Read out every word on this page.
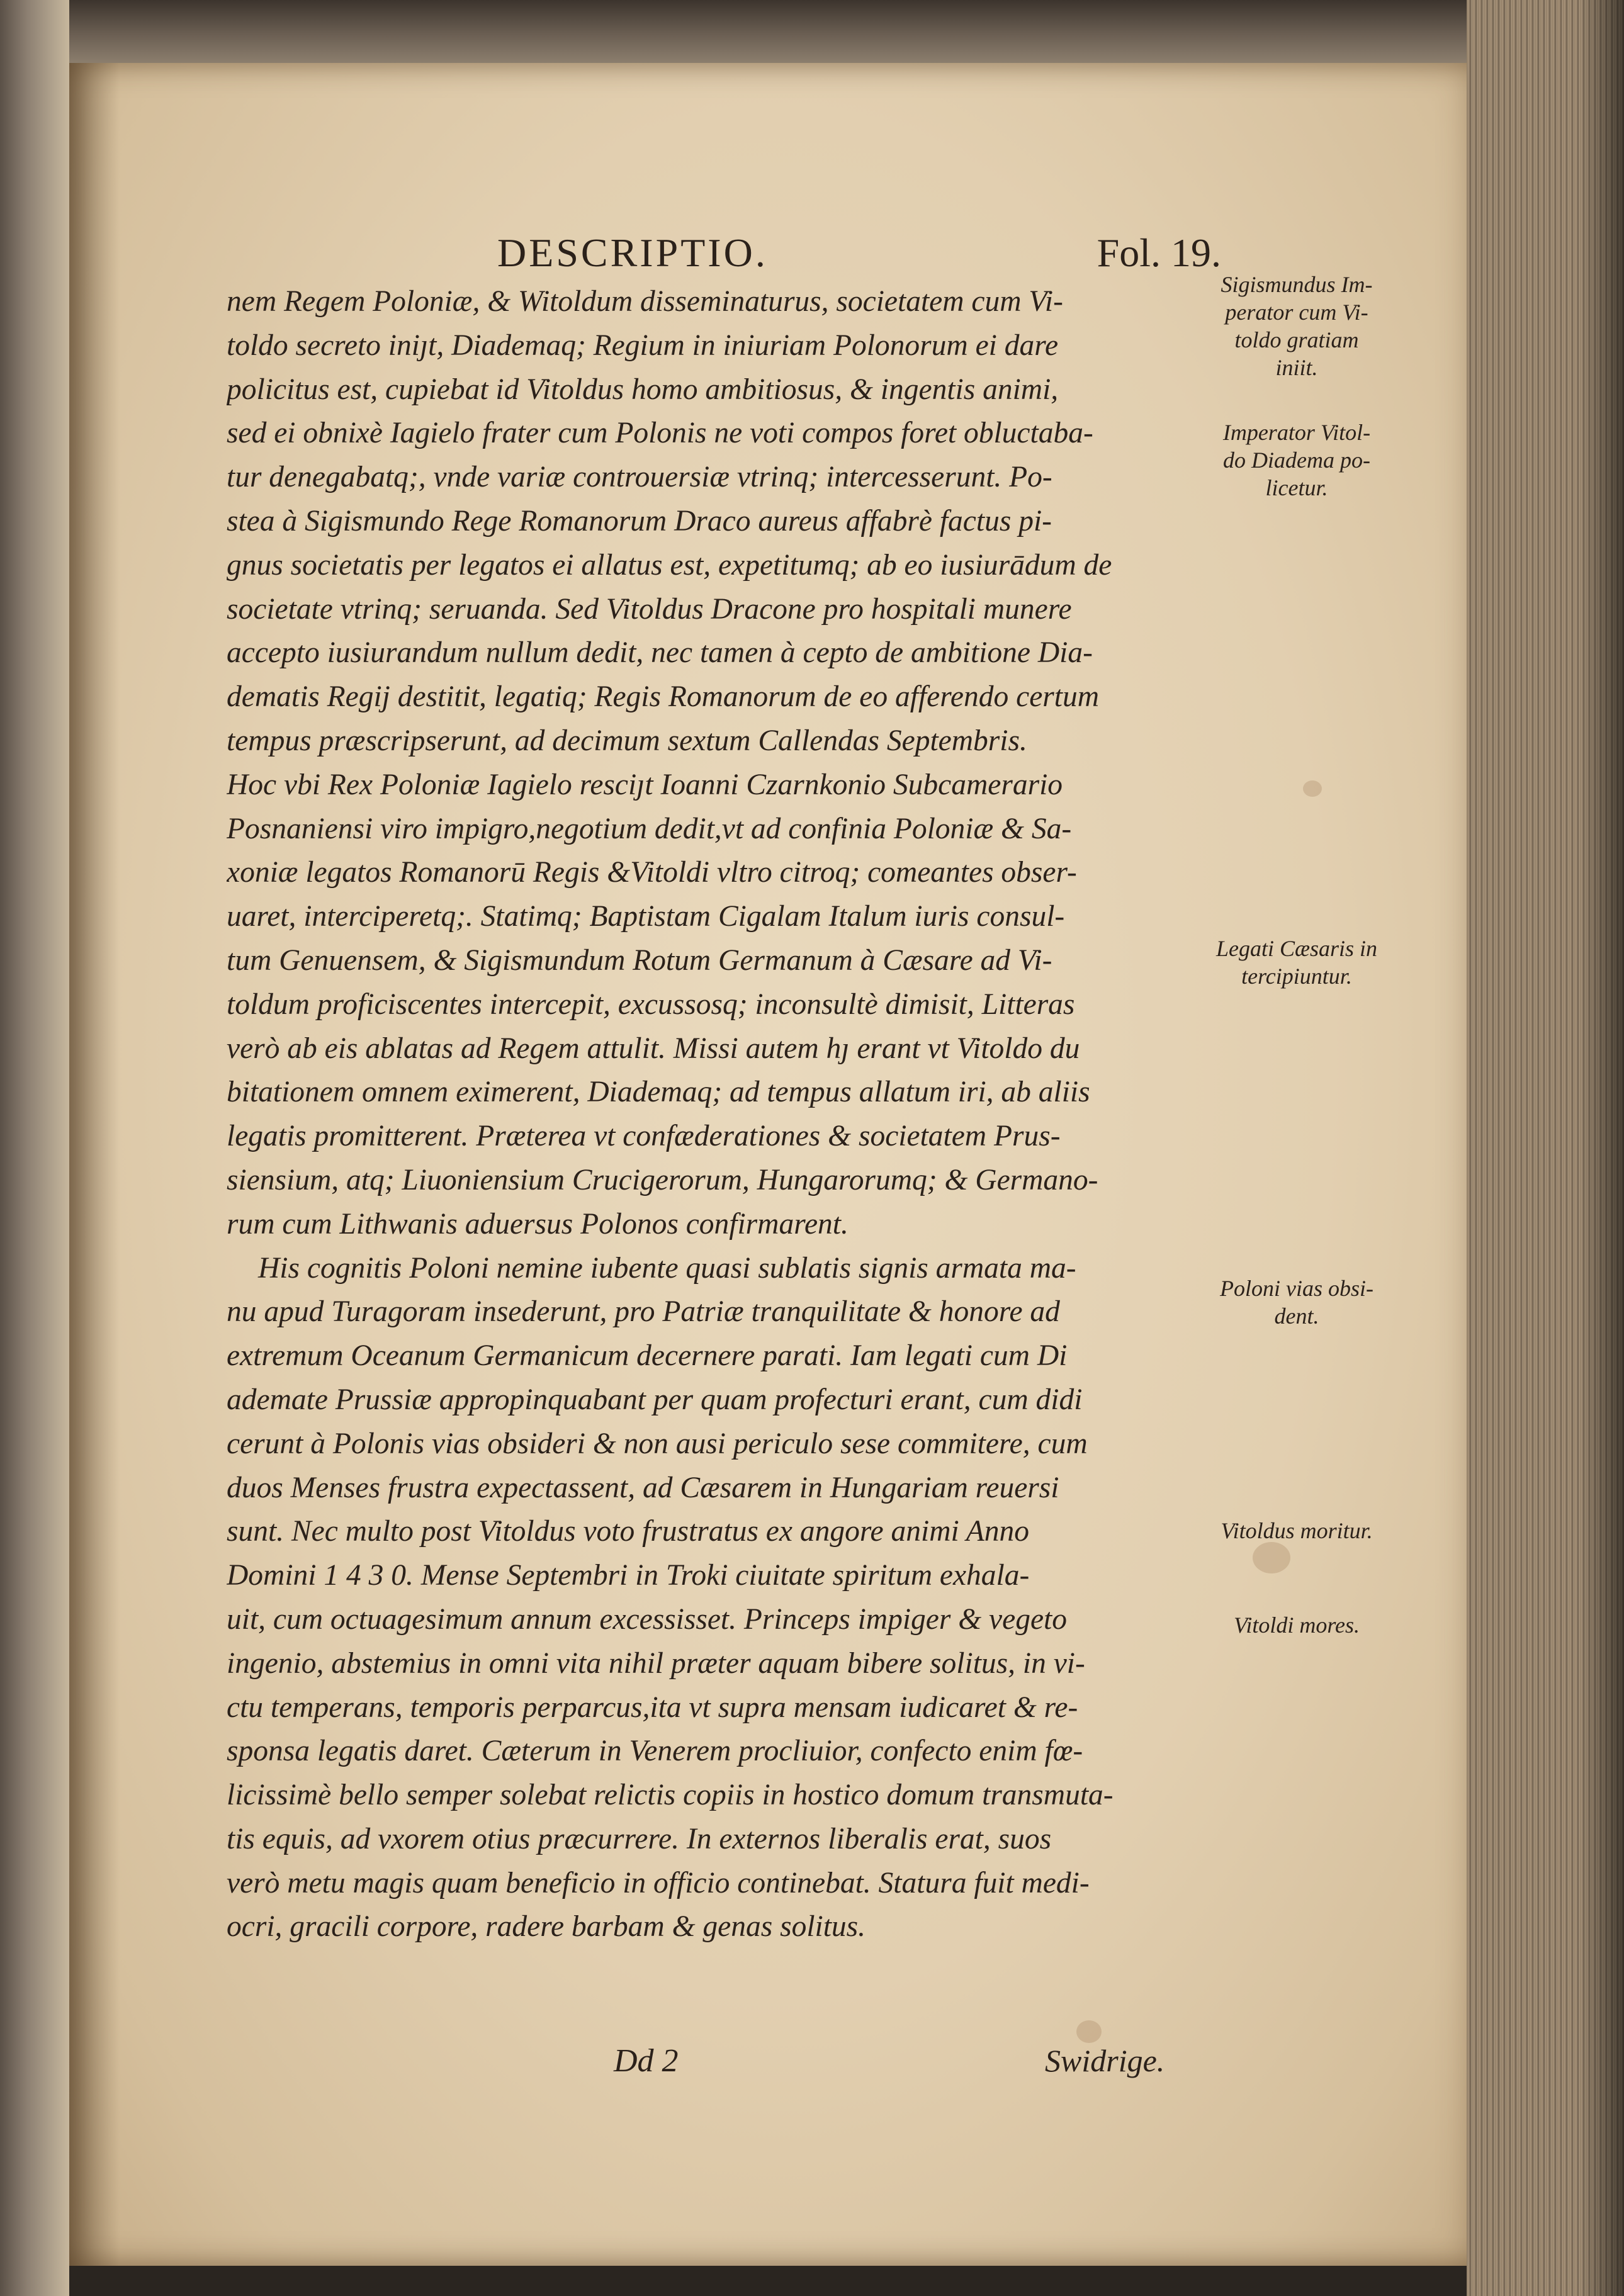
DESCRIPTIO.	Fol. 19.
nem Regem Poloniæ, & Witoldum disseminaturus, societatem cum Vi-
toldo secreto iniȷt, Diademaq; Regium in iniuriam Polonorum ei dare
policitus est, cupiebat id Vitoldus homo ambitiosus, & ingentis animi,
sed ei obnixè Iagielo frater cum Polonis ne voti compos foret obluctaba-
tur denegabatq;, vnde variæ controuersiæ vtrinq; intercesserunt. Po-
stea à Sigismundo Rege Romanorum Draco aureus affabrè factus pi-
gnus societatis per legatos ei allatus est, expetitumq; ab eo iusiurādum de
societate vtrinq; seruanda. Sed Vitoldus Dracone pro hospitali munere
accepto iusiurandum nullum dedit, nec tamen à cepto de ambitione Dia-
dematis Regij destitit, legatiq; Regis Romanorum de eo afferendo certum
tempus præscripserunt, ad decimum sextum Callendas Septembris.
Hoc vbi Rex Poloniæ Iagielo resciȷt Ioanni Czarnkonio Subcamerario
Posnaniensi viro impigro,negotium dedit,vt ad confinia Poloniæ & Sa-
xoniæ legatos Romanorū Regis &Vitoldi vltro citroq; comeantes obser-
uaret, interciperetq;. Statimq; Baptistam Cigalam Italum iuris consul-
tum Genuensem, & Sigismundum Rotum Germanum à Cæsare ad Vi-
toldum proficiscentes intercepit, excussosq; inconsultè dimisit, Litteras
verò ab eis ablatas ad Regem attulit. Missi autem hȷ erant vt Vitoldo du
bitationem omnem eximerent, Diademaq; ad tempus allatum iri, ab aliis
legatis promitterent. Præterea vt confæderationes & societatem Prus-
siensium, atq; Liuoniensium Crucigerorum, Hungarorumq; & Germano-
rum cum Lithwanis aduersus Polonos confirmarent.
His cognitis Poloni nemine iubente quasi sublatis signis armata ma-
nu apud Turagoram insederunt, pro Patriæ tranquilitate & honore ad
extremum Oceanum Germanicum decernere parati. Iam legati cum Di
ademate Prussiæ appropinquabant per quam profecturi erant, cum didi
cerunt à Polonis vias obsideri & non ausi periculo sese commitere, cum
duos Menses frustra expectassent, ad Cæsarem in Hungariam reuersi
sunt. Nec multo post Vitoldus voto frustratus ex angore animi Anno
Domini 1 4 3 0. Mense Septembri in Troki ciuitate spiritum exhala-
uit, cum octuagesimum annum excessisset. Princeps impiger & vegeto
ingenio, abstemius in omni vita nihil præter aquam bibere solitus, in vi-
ctu temperans, temporis perparcus,ita vt supra mensam iudicaret & re-
sponsa legatis daret. Cæterum in Venerem procliuior, confecto enim fœ-
licissimè bello semper solebat relictis copiis in hostico domum transmuta-
tis equis, ad vxorem otius præcurrere. In externos liberalis erat, suos
verò metu magis quam beneficio in officio continebat. Statura fuit medi-
ocri, gracili corpore, radere barbam & genas solitus.
Sigismundus Im-
perator cum Vi-
toldo gratiam
iniit.
Imperator Vitol-
do Diadema po-
licetur.
Legati Cæsaris in
tercipiuntur.
Poloni vias obsi-
dent.
Vitoldus moritur.
Vitoldi mores.
Dd 2	Swidrige.
